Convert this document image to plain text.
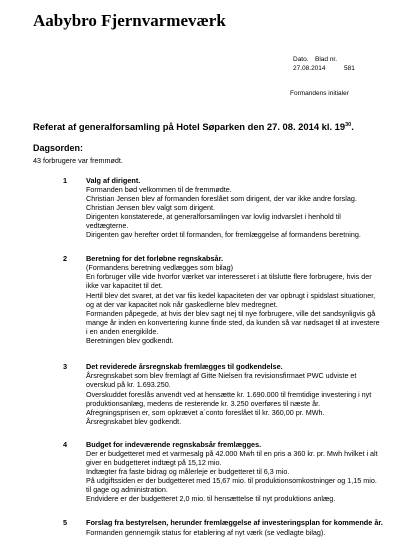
Aabybro Fjernvarmeværk
Dato. Blad nr.
27.08.2014	581
Formandens initialer
Referat af generalforsamling på Hotel Søparken den 27. 08. 2014 kl. $19^{30}$.
Dagsorden:
43 forbrugere var fremmødt.
1	Valg af dirigent.
Formanden bød velkommen til de fremmødte.
Christian Jensen blev af formanden foreslået som dirigent, der var ikke andre forslag.
Christian Jensen blev valgt som dirigent.
Dirigenten konstaterede, at generalforsamlingen var lovlig indvarslet i henhold til
vedtægterne.
Dirigenten gav herefter ordet til formanden, for fremlæggelse af formandens beretning.
2	Beretning for det forløbne regnskabsår.
(Formandens beretning vedlægges som bilag)
En forbruger ville vide hvorfor værket var interesseret i at tilslutte flere forbrugere, hvis der
ikke var kapacitet til det.
Hertil blev det svaret, at det var fiis kedel kapaciteten der var opbrugt i spidslast situationer,
og at der var kapacitet nok når gaskedlerne blev medregnet.
Formanden påpegede, at hvis der blev sagt nej til nye forbrugere, ville det sandsynligvis gå
mange år inden en konvertering kunne finde sted, da kunden så var nødsaget til at investere
i en anden energikilde.
Beretningen blev godkendt.
3	Det reviderede årsregnskab fremlægges til godkendelse.
Årsregnskabet som blev fremlagt af Gitte Nielsen fra revisionsfirmaet PWC udviste et
overskud på kr. 1.693.250.
Overskuddet foreslås anvendt ved at hensætte kr. 1.690.000 til fremtidige investering i nyt
produktionsanlæg, medens de resterende kr. 3.250 overføres til næste år.
Afregningsprisen er, som opkrævet a´conto foreslået til kr. 360,00 pr. MWh.
Årsregnskabet blev godkendt.
4	Budget for indeværende regnskabsår fremlægges.
Der er budgetteret med et varmesalg på 42.000 Mwh til en pris a 360 kr. pr. Mwh hvilket i alt
giver en budgetteret indtægt på 15,12 mio.
Indtægter fra faste bidrag og målerleje er budgetteret til 6,3 mio.
På udgiftssiden er der budgetteret med 15,67 mio. til produktionsomkostninger og 1,15 mio.
til gage og administration.
Endvidere er der budgetteret 2,0 mio. til hensættelse til nyt produktions anlæg.
5	Forslag fra bestyrelsen, herunder fremlæggelse af investeringsplan for kommende år.
Formanden gennemgik status for etablering af nyt værk (se vedlagte bilag).
